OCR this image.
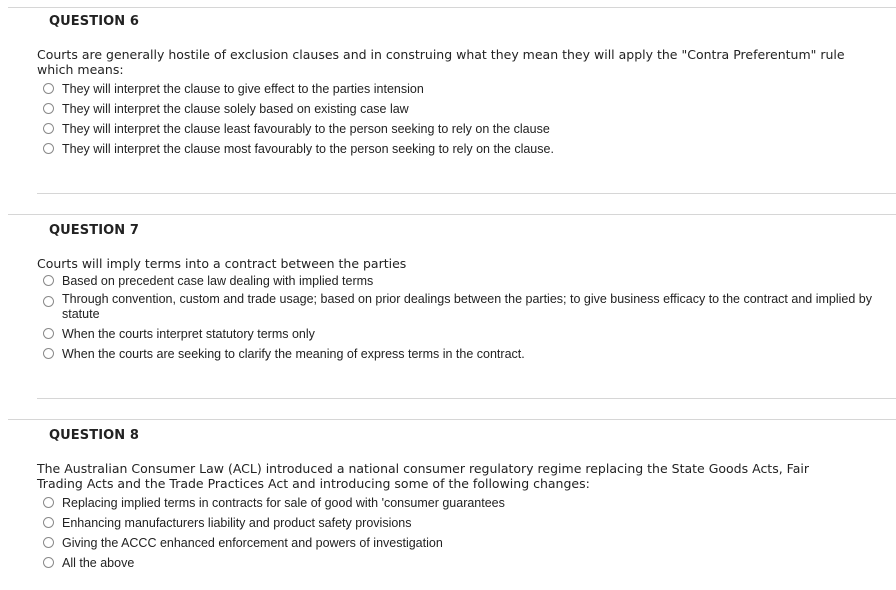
QUESTION 6
Courts are generally hostile of exclusion clauses and in construing what they mean they will apply the "Contra Preferentum" rule which means:
They will interpret the clause to give effect to the parties intension
They will interpret the clause solely based on existing case law
They will interpret the clause least favourably to the person seeking to rely on the clause
They will interpret the clause most favourably to the person seeking to rely on the clause.
QUESTION 7
Courts will imply terms into a contract between the parties
Based on precedent case law dealing with implied terms
Through convention, custom and trade usage; based on prior dealings between the parties; to give business efficacy to the contract and implied by statute
When the courts interpret statutory terms only
When the courts are seeking to clarify the meaning of express terms in the contract.
QUESTION 8
The Australian Consumer Law (ACL) introduced a national consumer regulatory regime replacing the State Goods Acts, Fair Trading Acts and the Trade Practices Act and introducing some of the following changes:
Replacing implied terms in contracts for sale of good with 'consumer guarantees
Enhancing manufacturers liability and product safety provisions
Giving the ACCC enhanced enforcement and powers of investigation
All the above
